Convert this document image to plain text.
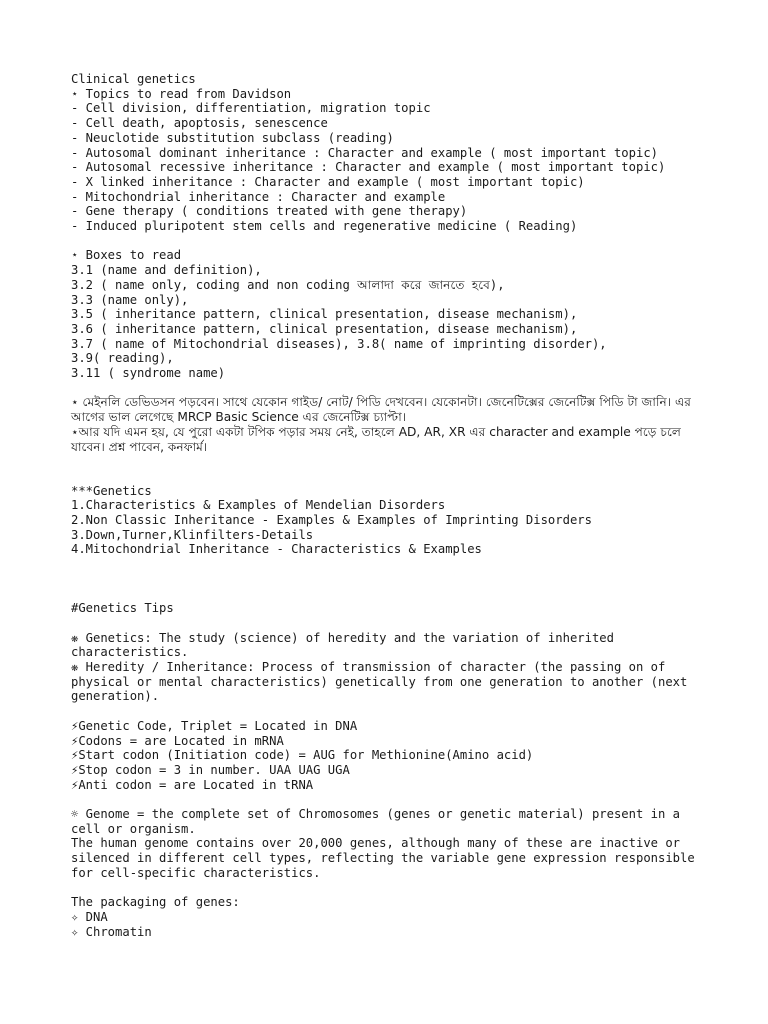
Clinical genetics
⋆ Topics to read from Davidson
- Cell division, differentiation, migration topic
- Cell death, apoptosis, senescence
- Neuclotide substitution subclass (reading)
- Autosomal dominant inheritance : Character and example ( most important topic)
- Autosomal recessive inheritance : Character and example ( most important topic)
- X linked inheritance : Character and example ( most important topic)
- Mitochondrial inheritance : Character and example
- Gene therapy ( conditions treated with gene therapy)
- Induced pluripotent stem cells and regenerative medicine ( Reading)
⋆ Boxes to read
3.1 (name and definition),
3.2 ( name only, coding and non coding আলাদা করে জানতে হবে),
3.3 (name only),
3.5 ( inheritance pattern, clinical presentation, disease mechanism),
3.6 ( inheritance pattern, clinical presentation, disease mechanism),
3.7 ( name of Mitochondrial diseases), 3.8( name of imprinting disorder),
3.9( reading),
3.11 ( syndrome name)
⋆ মেইনলি ডেভিডসন পড়বেন। সাথে যেকোন গাইড/ নোট/ পিডি দেখবেন। যেকোনটা। জেনেটিক্সের জেনেটিক্স পিডি টা জানি। এর আগের ভাল লেগেছে MRCP Basic Science এর জেনেটিক্স চ্যাপ্টা।
⋆আর যদি এমন হয়, যে পুরো একটা টপিক পড়ার সময় নেই, তাহলে AD, AR, XR এর character and example পড়ে চলে যাবেন। প্রশ্ন পাবেন, কনফার্ম।
***Genetics
1.Characteristics & Examples of Mendelian Disorders
2.Non Classic Inheritance - Examples & Examples of Imprinting Disorders
3.Down,Turner,Klinfilters-Details
4.Mitochondrial Inheritance - Characteristics & Examples
#Genetics Tips
❋ Genetics: The study (science) of heredity and the variation of inherited characteristics.
❋ Heredity / Inheritance: Process of transmission of character (the passing on of physical or mental characteristics) genetically from one generation to another (next generation).
⚡Genetic Code, Triplet = Located in DNA
⚡Codons = are Located in mRNA
⚡Start codon (Initiation code) = AUG for Methionine(Amino acid)
⚡Stop codon = 3 in number. UAA UAG UGA
⚡Anti codon = are Located in tRNA
☼ Genome = the complete set of Chromosomes (genes or genetic material) present in a cell or organism.
The human genome contains over 20,000 genes, although many of these are inactive or silenced in different cell types, reflecting the variable gene expression responsible for cell-specific characteristics.
The packaging of genes:
✧ DNA
✧ Chromatin
